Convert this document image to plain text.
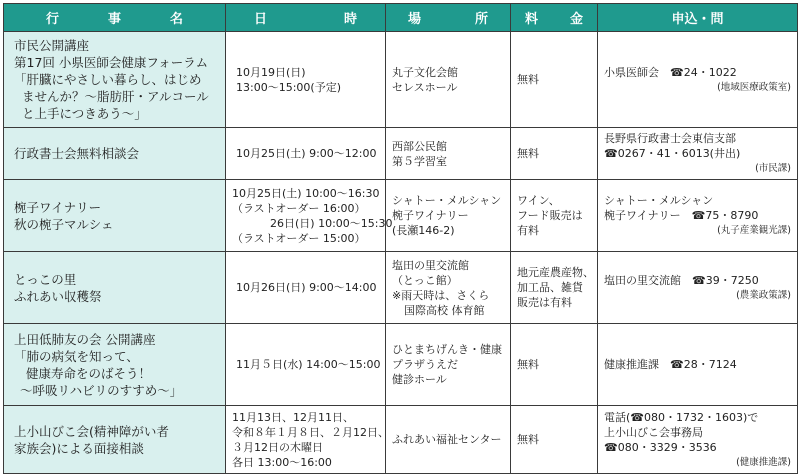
行 事 名	日 時	場 所	料 金	申込・問

市民公開講座
第17回 小県医師会健康フォーラム
「肝臓にやさしい暮らし、はじめ
ませんか？〜脂肪肝・アルコール
と上手につきあう〜」	10月19日(日)
13:00〜15:00(予定)	丸子文化会館
セレスホール	無料	小県医師会　☎24・1022
(地域医療政策室)

行政書士会無料相談会	10月25日(土) 9:00〜12:00	西部公民館
第５学習室	無料	長野県行政書士会東信支部
☎0267・41・6013(井出)
(市民課)

椀子ワイナリー
秋の椀子マルシェ	10月25日(土) 10:00〜16:30
（ラストオーダー 16:00）
26日(日) 10:00〜15:30
（ラストオーダー 15:00）	シャトー・メルシャン
椀子ワイナリー
(長瀬146-2)	ワイン、
フード販売は
有料	シャトー・メルシャン
椀子ワイナリー　☎75・8790
(丸子産業観光課)

とっこの里
ふれあい収穫祭	10月26日(日) 9:00〜14:00	塩田の里交流館
（とっこ館）
※雨天時は、さくら
国際高校 体育館	地元産農産物、
加工品、雑貨
販売は有料	塩田の里交流館　☎39・7250
(農業政策課)

上田低肺友の会 公開講座
「肺の病気を知って、
健康寿命をのばそう！
〜呼吸リハビリのすすめ〜」	11月５日(水) 14:00〜15:00	ひとまちげんき・健康
プラザうえだ
健診ホール	無料	健康推進課　☎28・7124

上小山びこ会(精神障がい者
家族会)による面接相談	11月13日、12月11日、
令和８年１月８日、２月12日、
３月12日の木曜日
各日 13:00〜16:00	ふれあい福祉センター	無料	電話(☎080・1732・1603)で
上小山びこ会事務局
☎080・3329・3536
(健康推進課)
